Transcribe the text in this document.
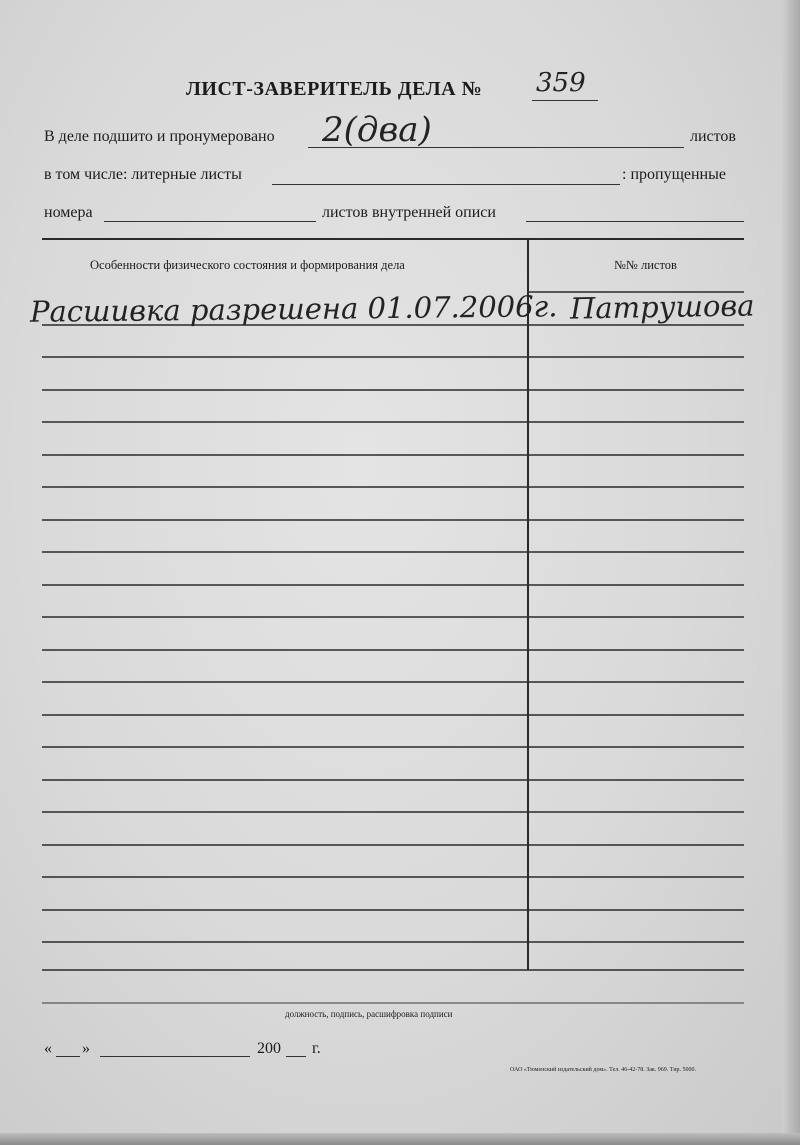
ЛИСТ-ЗАВЕРИТЕЛЬ ДЕЛА № 359
В деле подшито и пронумеровано 2(два)	листов
в том числе: литерные листы	: пропущенные
номера	листов внутренней описи
Особенности физического состояния и формирования дела	№№ листов
Расшивка разрешена 01.07.2006г. Патрушова
должность, подпись, расшифровка подписи
« »	200 г.
ОАО «Тюменский издательский дом». Тел. 46-42-78. Зак. 969. Тир. 5000.
